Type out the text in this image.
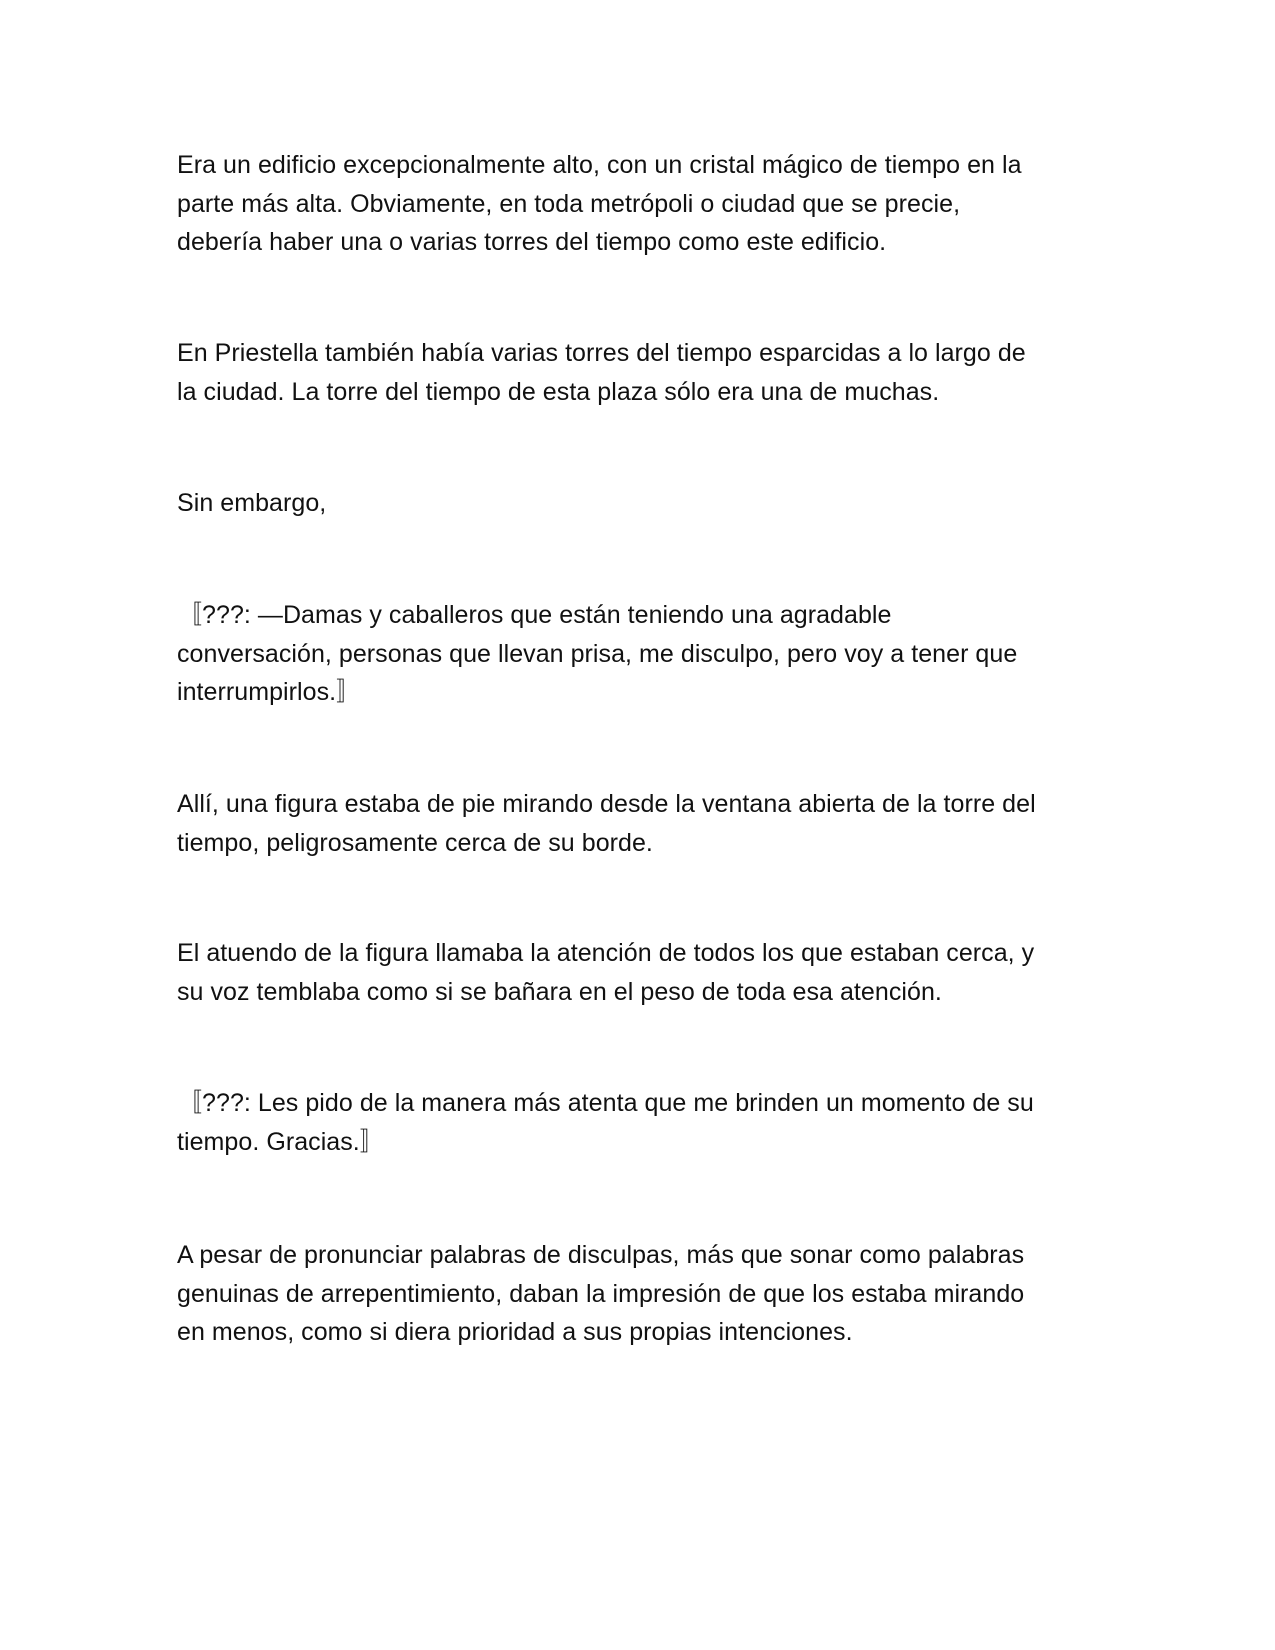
Era un edificio excepcionalmente alto, con un cristal mágico de tiempo en la
parte más alta. Obviamente, en toda metrópoli o ciudad que se precie,
debería haber una o varias torres del tiempo como este edificio.
En Priestella también había varias torres del tiempo esparcidas a lo largo de
la ciudad. La torre del tiempo de esta plaza sólo era una de muchas.
Sin embargo,
〚???: —Damas y caballeros que están teniendo una agradable
conversación, personas que llevan prisa, me disculpo, pero voy a tener que
interrumpirlos.〛
Allí, una figura estaba de pie mirando desde la ventana abierta de la torre del
tiempo, peligrosamente cerca de su borde.
El atuendo de la figura llamaba la atención de todos los que estaban cerca, y
su voz temblaba como si se bañara en el peso de toda esa atención.
〚???: Les pido de la manera más atenta que me brinden un momento de su
tiempo. Gracias.〛
A pesar de pronunciar palabras de disculpas, más que sonar como palabras
genuinas de arrepentimiento, daban la impresión de que los estaba mirando
en menos, como si diera prioridad a sus propias intenciones.
